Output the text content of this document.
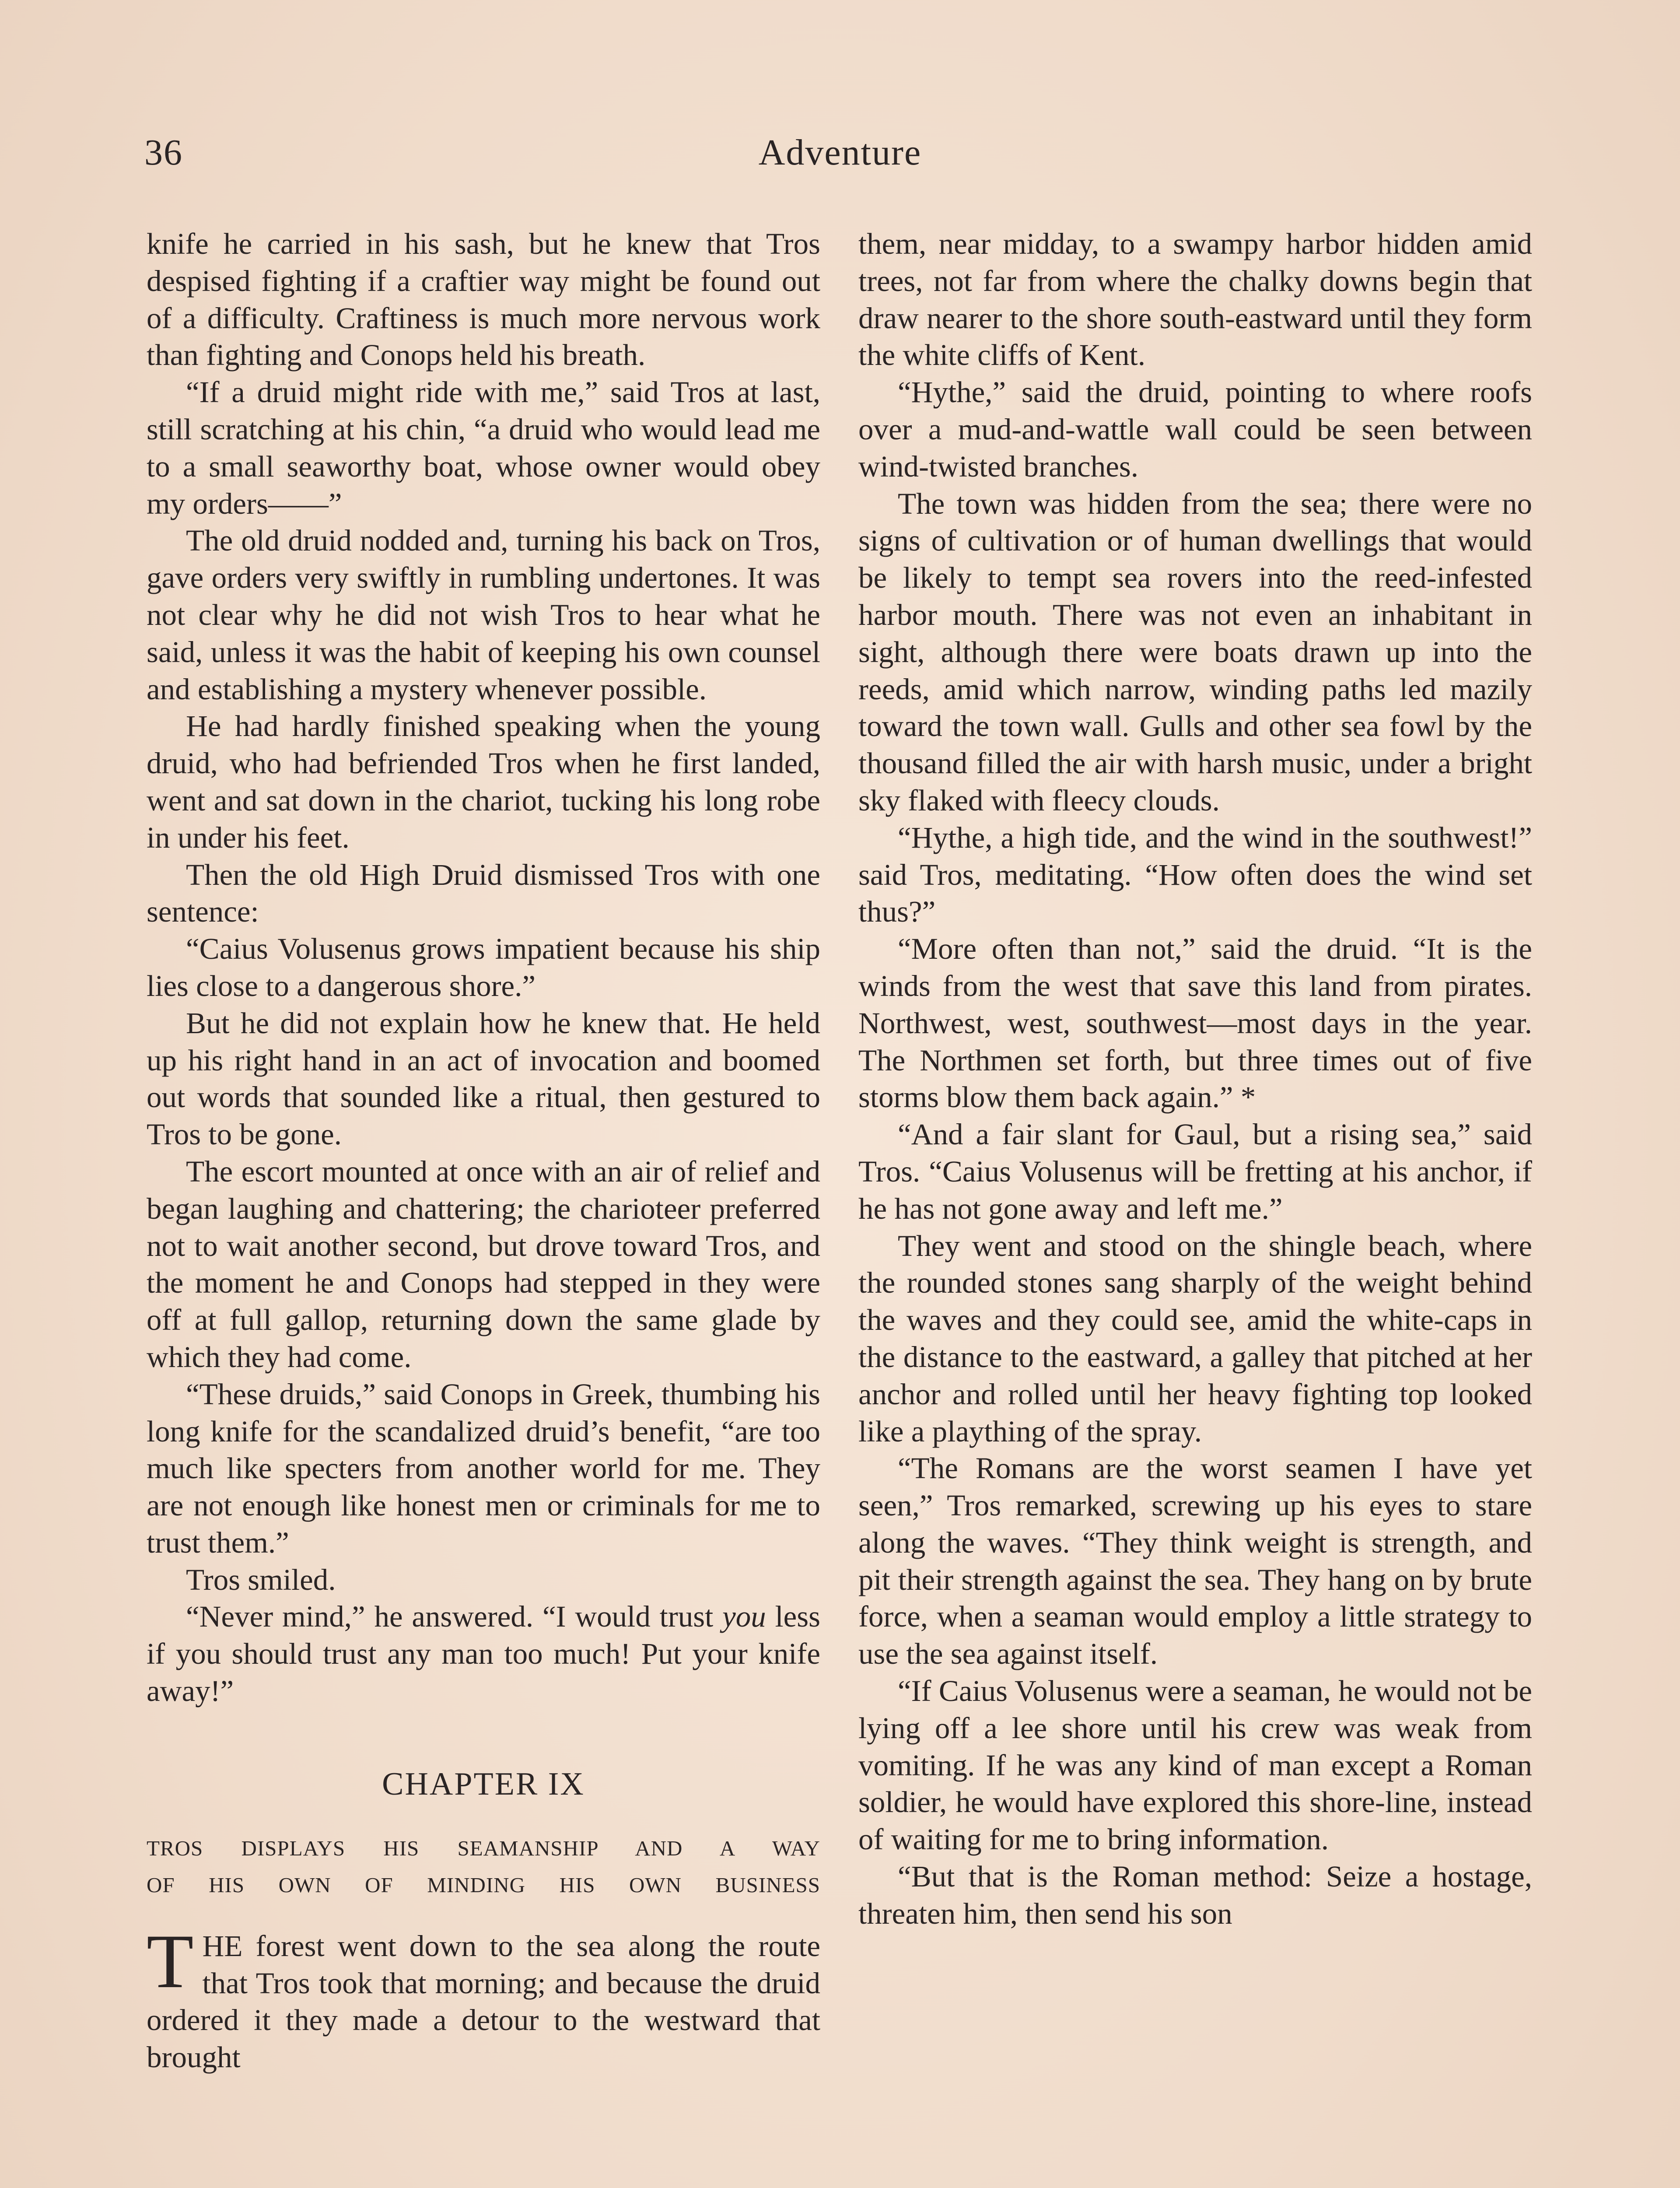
36	Adventure

knife he carried in his sash, but he knew that Tros despised fighting if a craftier way might be found out of a difficulty. Craftiness is much more nervous work than fighting and Conops held his breath.

“If a druid might ride with me,” said Tros at last, still scratching at his chin, “a druid who would lead me to a small seaworthy boat, whose owner would obey my orders——”

The old druid nodded and, turning his back on Tros, gave orders very swiftly in rumbling undertones. It was not clear why he did not wish Tros to hear what he said, unless it was the habit of keeping his own counsel and establishing a mystery whenever possible.

He had hardly finished speaking when the young druid, who had befriended Tros when he first landed, went and sat down in the chariot, tucking his long robe in under his feet.

Then the old High Druid dismissed Tros with one sentence:

“Caius Volusenus grows impatient because his ship lies close to a dangerous shore.”

But he did not explain how he knew that. He held up his right hand in an act of invocation and boomed out words that sounded like a ritual, then gestured to Tros to be gone.

The escort mounted at once with an air of relief and began laughing and chattering; the charioteer preferred not to wait another second, but drove toward Tros, and the moment he and Conops had stepped in they were off at full gallop, returning down the same glade by which they had come.

“These druids,” said Conops in Greek, thumbing his long knife for the scandalized druid’s benefit, “are too much like specters from another world for me. They are not enough like honest men or criminals for me to trust them.”

Tros smiled.

“Never mind,” he answered. “I would trust you less if you should trust any man too much! Put your knife away!”

CHAPTER IX
TROS DISPLAYS HIS SEAMANSHIP AND A WAY
OF HIS OWN OF MINDING HIS OWN BUSINESS

THE forest went down to the sea along the route that Tros took that morning; and because the druid ordered it they made a detour to the westward that brought

them, near midday, to a swampy harbor hidden amid trees, not far from where the chalky downs begin that draw nearer to the shore south-eastward until they form the white cliffs of Kent.

“Hythe,” said the druid, pointing to where roofs over a mud-and-wattle wall could be seen between wind-twisted branches.

The town was hidden from the sea; there were no signs of cultivation or of human dwellings that would be likely to tempt sea rovers into the reed-infested harbor mouth. There was not even an inhabitant in sight, although there were boats drawn up into the reeds, amid which narrow, winding paths led mazily toward the town wall. Gulls and other sea fowl by the thousand filled the air with harsh music, under a bright sky flaked with fleecy clouds.

“Hythe, a high tide, and the wind in the southwest!” said Tros, meditating. “How often does the wind set thus?”

“More often than not,” said the druid. “It is the winds from the west that save this land from pirates. Northwest, west, southwest—most days in the year. The Northmen set forth, but three times out of five storms blow them back again.” *

“And a fair slant for Gaul, but a rising sea,” said Tros. “Caius Volusenus will be fretting at his anchor, if he has not gone away and left me.”

They went and stood on the shingle beach, where the rounded stones sang sharply of the weight behind the waves and they could see, amid the white-caps in the distance to the eastward, a galley that pitched at her anchor and rolled until her heavy fighting top looked like a plaything of the spray.

“The Romans are the worst seamen I have yet seen,” Tros remarked, screwing up his eyes to stare along the waves. “They think weight is strength, and pit their strength against the sea. They hang on by brute force, when a seaman would employ a little strategy to use the sea against itself.

“If Caius Volusenus were a seaman, he would not be lying off a lee shore until his crew was weak from vomiting. If he was any kind of man except a Roman soldier, he would have explored this shore-line, instead of waiting for me to bring information.

“But that is the Roman method: Seize a hostage, threaten him, then send his son
